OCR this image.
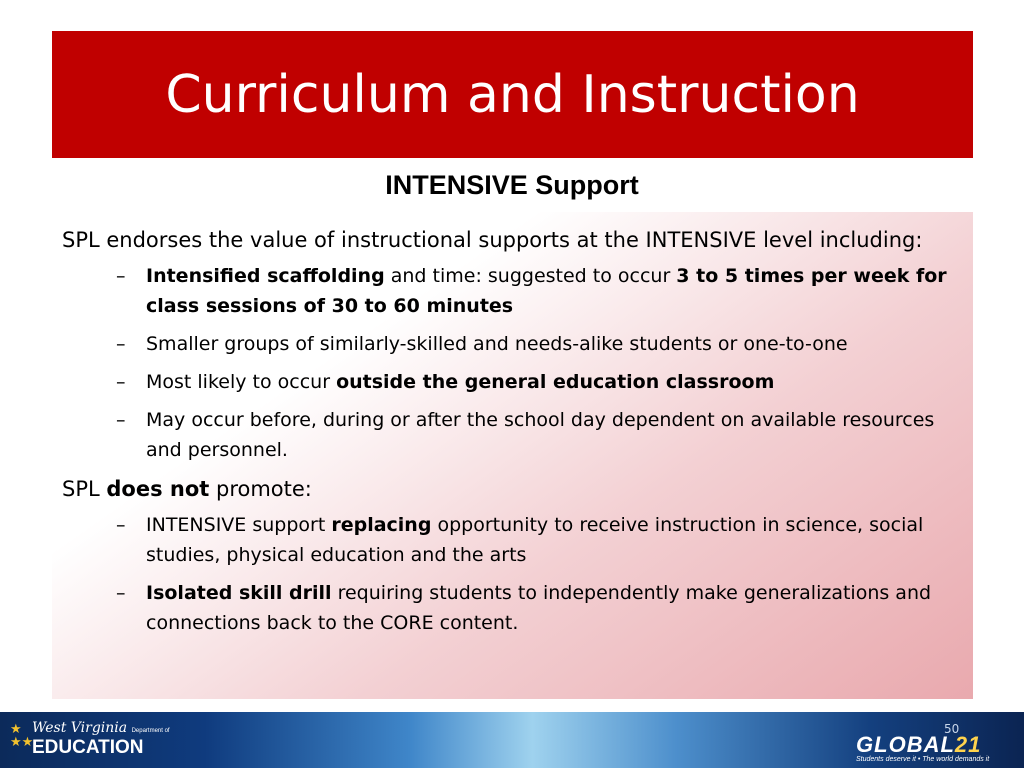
Curriculum and Instruction
INTENSIVE Support

SPL endorses the value of instructional supports at the INTENSIVE level including:

– Intensified scaffolding and time: suggested to occur 3 to 5 times per week for class sessions of 30 to 60 minutes
– Smaller groups of similarly-skilled and needs-alike students or one-to-one
– Most likely to occur outside the general education classroom
– May occur before, during or after the school day dependent on available resources and personnel.

SPL does not promote:

– INTENSIVE support replacing opportunity to receive instruction in science, social studies, physical education and the arts
– Isolated skill drill requiring students to independently make generalizations and connections back to the CORE content.
★
★★
West Virginia Department of
EDUCATION	GLOBAL21
Students deserve it • The world demands it
50
